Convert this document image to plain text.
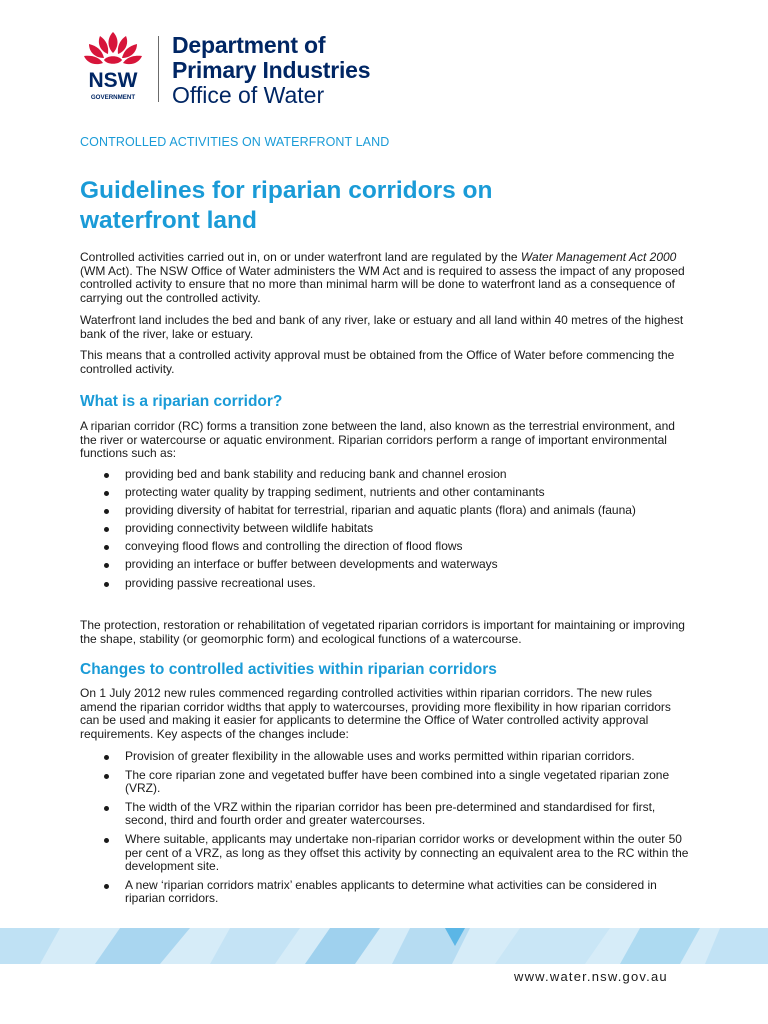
NSW
GOVERNMENT
Department of
Primary Industries
Office of Water
CONTROLLED ACTIVITIES ON WATERFRONT LAND
Guidelines for riparian corridors on
waterfront land

Controlled activities carried out in, on or under waterfront land are regulated by the Water Management Act 2000 (WM Act). The NSW Office of Water administers the WM Act and is required to assess the impact of any proposed controlled activity to ensure that no more than minimal harm will be done to waterfront land as a consequence of carrying out the controlled activity.

Waterfront land includes the bed and bank of any river, lake or estuary and all land within 40 metres of the highest bank of the river, lake or estuary.

This means that a controlled activity approval must be obtained from the Office of Water before commencing the controlled activity.

What is a riparian corridor?

A riparian corridor (RC) forms a transition zone between the land, also known as the terrestrial environment, and the river or watercourse or aquatic environment. Riparian corridors perform a range of important environmental functions such as:

providing bed and bank stability and reducing bank and channel erosion
protecting water quality by trapping sediment, nutrients and other contaminants
providing diversity of habitat for terrestrial, riparian and aquatic plants (flora) and animals (fauna)
providing connectivity between wildlife habitats
conveying flood flows and controlling the direction of flood flows
providing an interface or buffer between developments and waterways
providing passive recreational uses.

The protection, restoration or rehabilitation of vegetated riparian corridors is important for maintaining or improving the shape, stability (or geomorphic form) and ecological functions of a watercourse.

Changes to controlled activities within riparian corridors

On 1 July 2012 new rules commenced regarding controlled activities within riparian corridors. The new rules amend the riparian corridor widths that apply to watercourses, providing more flexibility in how riparian corridors can be used and making it easier for applicants to determine the Office of Water controlled activity approval requirements. Key aspects of the changes include:

Provision of greater flexibility in the allowable uses and works permitted within riparian corridors.
The core riparian zone and vegetated buffer have been combined into a single vegetated riparian zone (VRZ).
The width of the VRZ within the riparian corridor has been pre-determined and standardised for first, second, third and fourth order and greater watercourses.
Where suitable, applicants may undertake non-riparian corridor works or development within the outer 50 per cent of a VRZ, as long as they offset this activity by connecting an equivalent area to the RC within the development site.
A new ‘riparian corridors matrix’ enables applicants to determine what activities can be considered in riparian corridors.
www.water.nsw.gov.au
